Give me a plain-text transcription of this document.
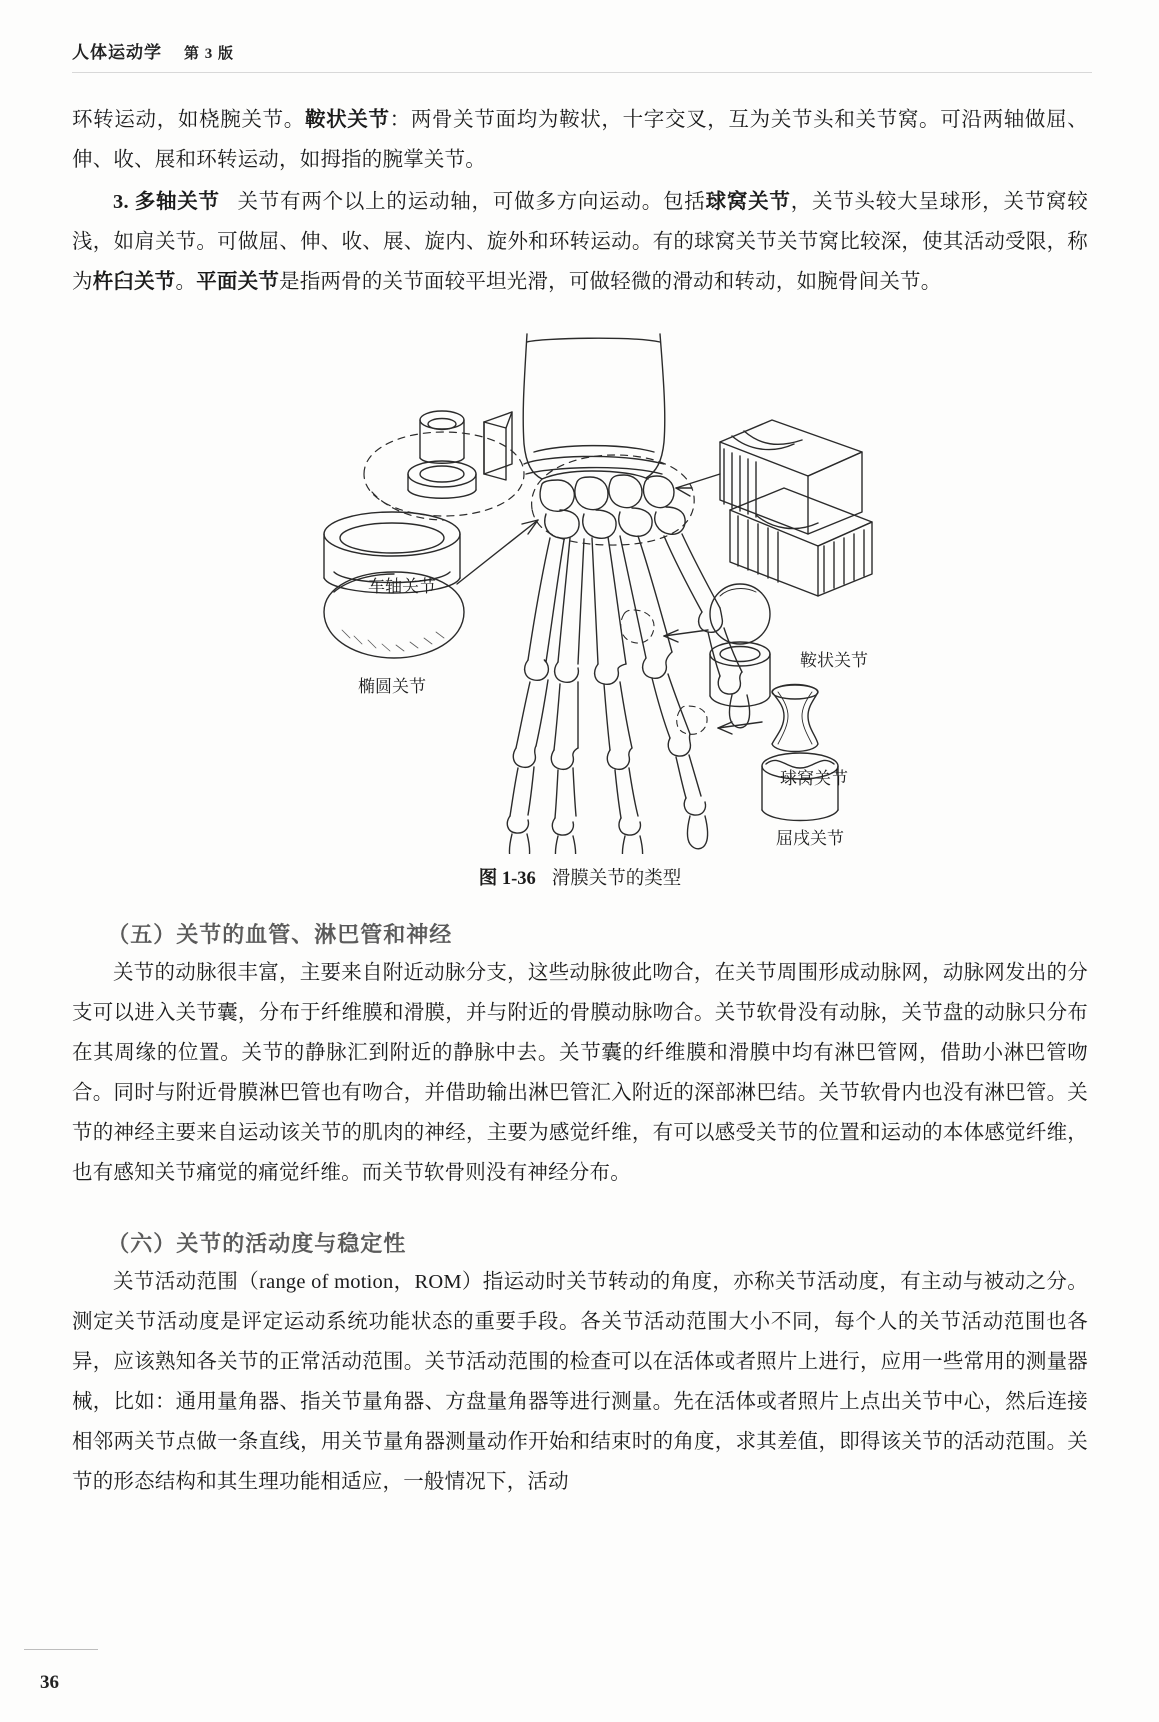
人体运动学 第 3 版

环转运动，如桡腕关节。鞍状关节：两骨关节面均为鞍状，十字交叉，互为关节头和关节窝。可沿两轴做屈、伸、收、展和环转运动，如拇指的腕掌关节。

3. 多轴关节 关节有两个以上的运动轴，可做多方向运动。包括球窝关节，关节头较大呈球形，关节窝较浅，如肩关节。可做屈、伸、收、展、旋内、旋外和环转运动。有的球窝关节关节窝比较深，使其活动受限，称为杵臼关节。平面关节是指两骨的关节面较平坦光滑，可做轻微的滑动和转动，如腕骨间关节。

车轴关节
鞍状关节
椭圆关节
球窝关节
屈戌关节
图 1-36 滑膜关节的类型
（五）关节的血管、淋巴管和神经

关节的动脉很丰富，主要来自附近动脉分支，这些动脉彼此吻合，在关节周围形成动脉网，动脉网发出的分支可以进入关节囊，分布于纤维膜和滑膜，并与附近的骨膜动脉吻合。关节软骨没有动脉，关节盘的动脉只分布在其周缘的位置。关节的静脉汇到附近的静脉中去。关节囊的纤维膜和滑膜中均有淋巴管网，借助小淋巴管吻合。同时与附近骨膜淋巴管也有吻合，并借助输出淋巴管汇入附近的深部淋巴结。关节软骨内也没有淋巴管。关节的神经主要来自运动该关节的肌肉的神经，主要为感觉纤维，有可以感受关节的位置和运动的本体感觉纤维，也有感知关节痛觉的痛觉纤维。而关节软骨则没有神经分布。

（六）关节的活动度与稳定性

关节活动范围（range of motion，ROM）指运动时关节转动的角度，亦称关节活动度，有主动与被动之分。测定关节活动度是评定运动系统功能状态的重要手段。各关节活动范围大小不同，每个人的关节活动范围也各异，应该熟知各关节的正常活动范围。关节活动范围的检查可以在活体或者照片上进行，应用一些常用的测量器械，比如：通用量角器、指关节量角器、方盘量角器等进行测量。先在活体或者照片上点出关节中心，然后连接相邻两关节点做一条直线，用关节量角器测量动作开始和结束时的角度，求其差值，即得该关节的活动范围。关节的形态结构和其生理功能相适应，一般情况下，活动

36
